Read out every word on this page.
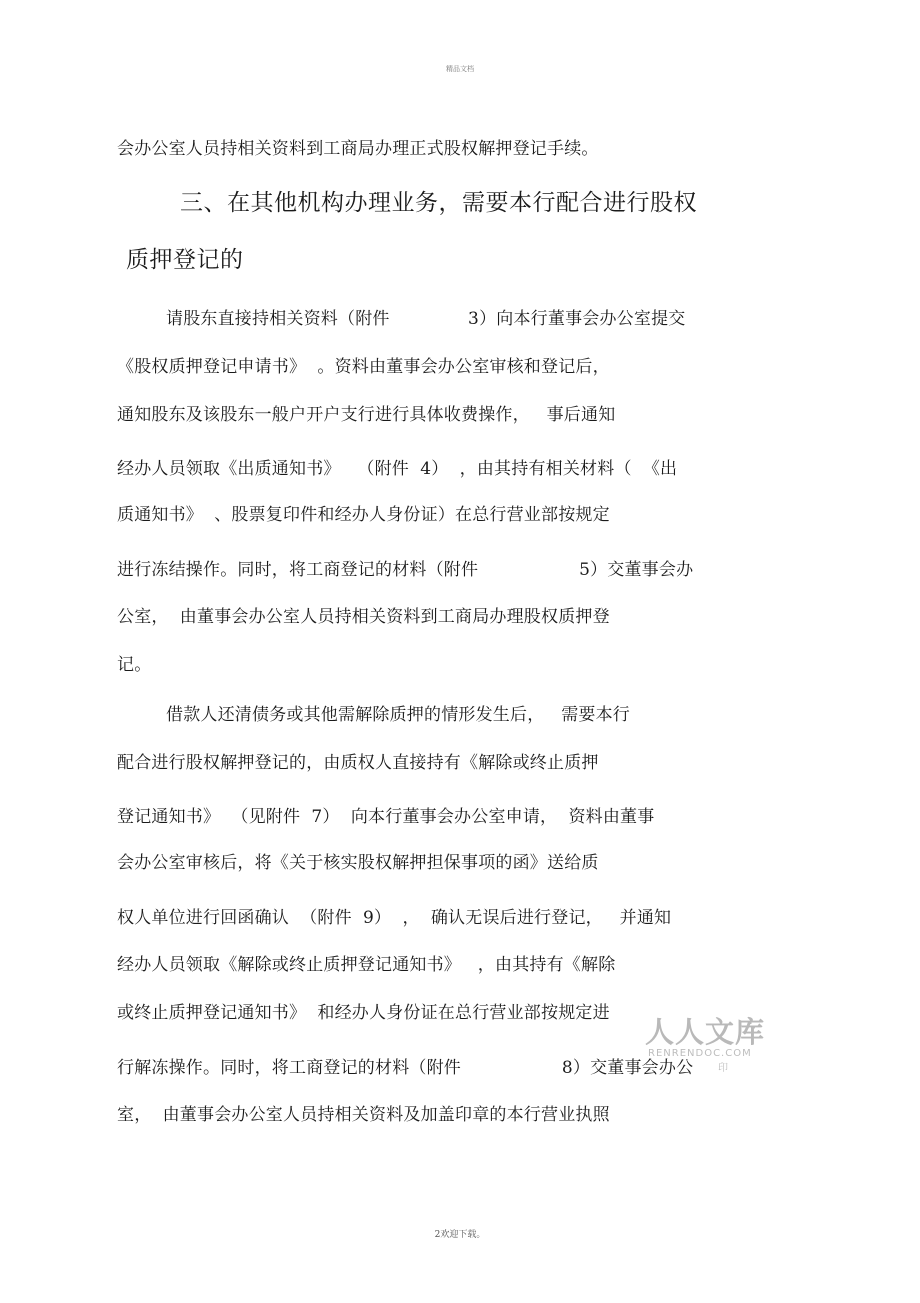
精品文档
会办公室人员持相关资料到工商局办理正式股权解押登记手续。
三、在其他机构办理业务，需要本行配合进行股权
质押登记的
请股东直接持相关资料（附件              3）向本行董事会办公室提交
《股权质押登记申请书》  。资料由董事会办公室审核和登记后，
通知股东及该股东一般户开户支行进行具体收费操作，   事后通知
经办人员领取《出质通知书》   （附件  4）  ，由其持有相关材料（  《出
质通知书》  、股票复印件和经办人身份证）在总行营业部按规定
进行冻结操作。同时，将工商登记的材料（附件                  5）交董事会办
公室，  由董事会办公室人员持相关资料到工商局办理股权质押登
记。
借款人还清债务或其他需解除质押的情形发生后，   需要本行
配合进行股权解押登记的，由质权人直接持有《解除或终止质押
登记通知书》  （见附件  7）  向本行董事会办公室申请，  资料由董事
会办公室审核后，将《关于核实股权解押担保事项的函》送给质
权人单位进行回函确认  （附件  9）  ，  确认无误后进行登记，   并通知
经办人员领取《解除或终止质押登记通知书》   ，由其持有《解除
或终止质押登记通知书》  和经办人身份证在总行营业部按规定进
行解冻操作。同时，将工商登记的材料（附件                  8）交董事会办公
室，  由董事会办公室人员持相关资料及加盖印章的本行营业执照
人人文库
RENRENDOC.COM 印
2欢迎下载。
